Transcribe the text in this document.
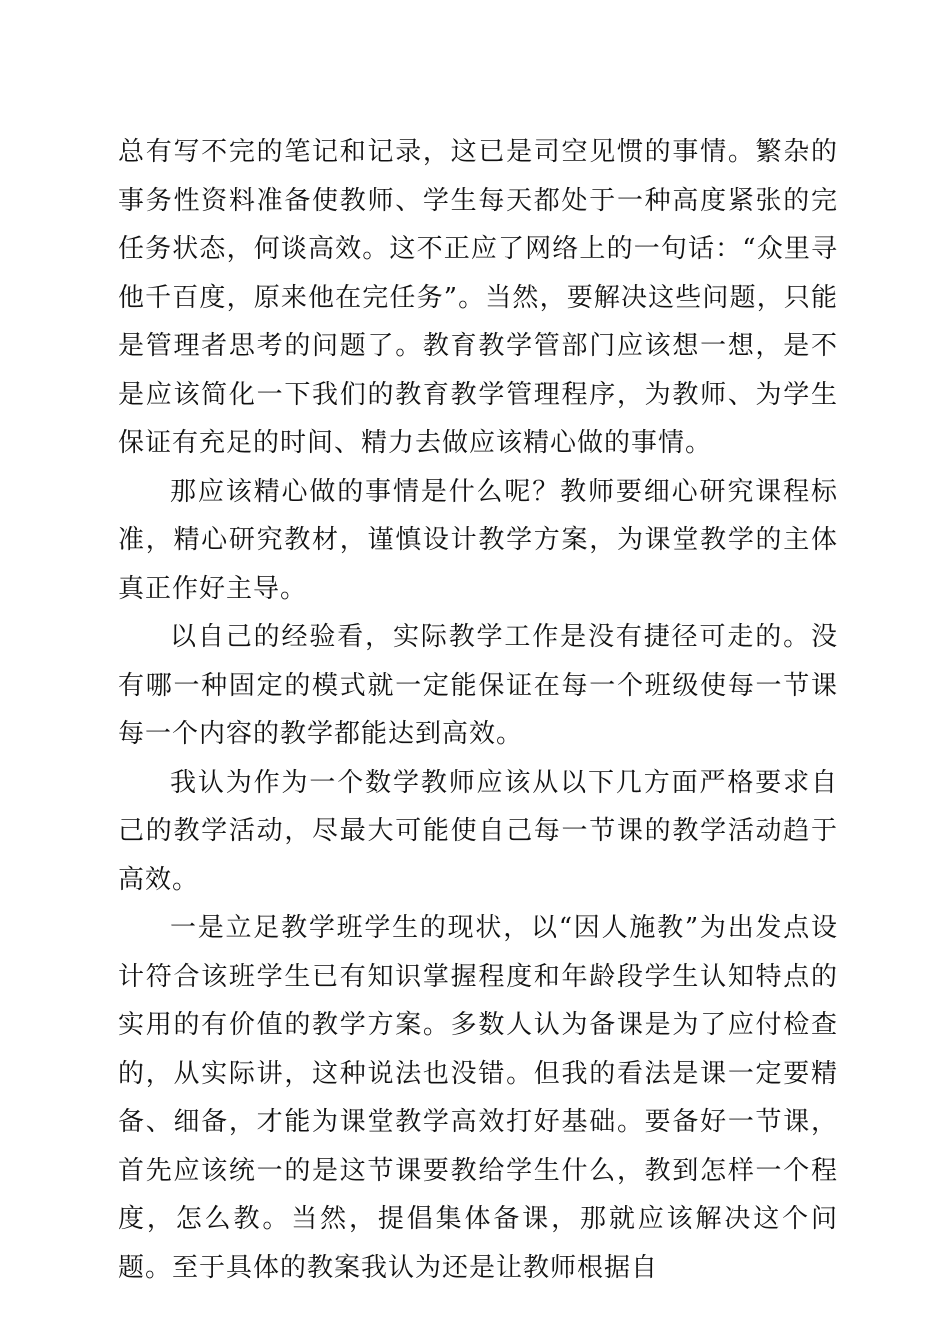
总有写不完的笔记和记录，这已是司空见惯的事情。繁杂的事务性资料准备使教师、学生每天都处于一种高度紧张的完任务状态，何谈高效。这不正应了网络上的一句话：“众里寻他千百度，原来他在完任务”。当然，要解决这些问题，只能是管理者思考的问题了。教育教学管部门应该想一想，是不是应该简化一下我们的教育教学管理程序，为教师、为学生保证有充足的时间、精力去做应该精心做的事情。

那应该精心做的事情是什么呢？教师要细心研究课程标准，精心研究教材，谨慎设计教学方案，为课堂教学的主体真正作好主导。

以自己的经验看，实际教学工作是没有捷径可走的。没有哪一种固定的模式就一定能保证在每一个班级使每一节课每一个内容的教学都能达到高效。

我认为作为一个数学教师应该从以下几方面严格要求自己的教学活动，尽最大可能使自己每一节课的教学活动趋于高效。

一是立足教学班学生的现状，以“因人施教”为出发点设计符合该班学生已有知识掌握程度和年龄段学生认知特点的实用的有价值的教学方案。多数人认为备课是为了应付检查的，从实际讲，这种说法也没错。但我的看法是课一定要精备、细备，才能为课堂教学高效打好基础。要备好一节课，首先应该统一的是这节课要教给学生什么，教到怎样一个程度，怎么教。当然，提倡集体备课，那就应该解决这个问题。至于具体的教案我认为还是让教师根据自
